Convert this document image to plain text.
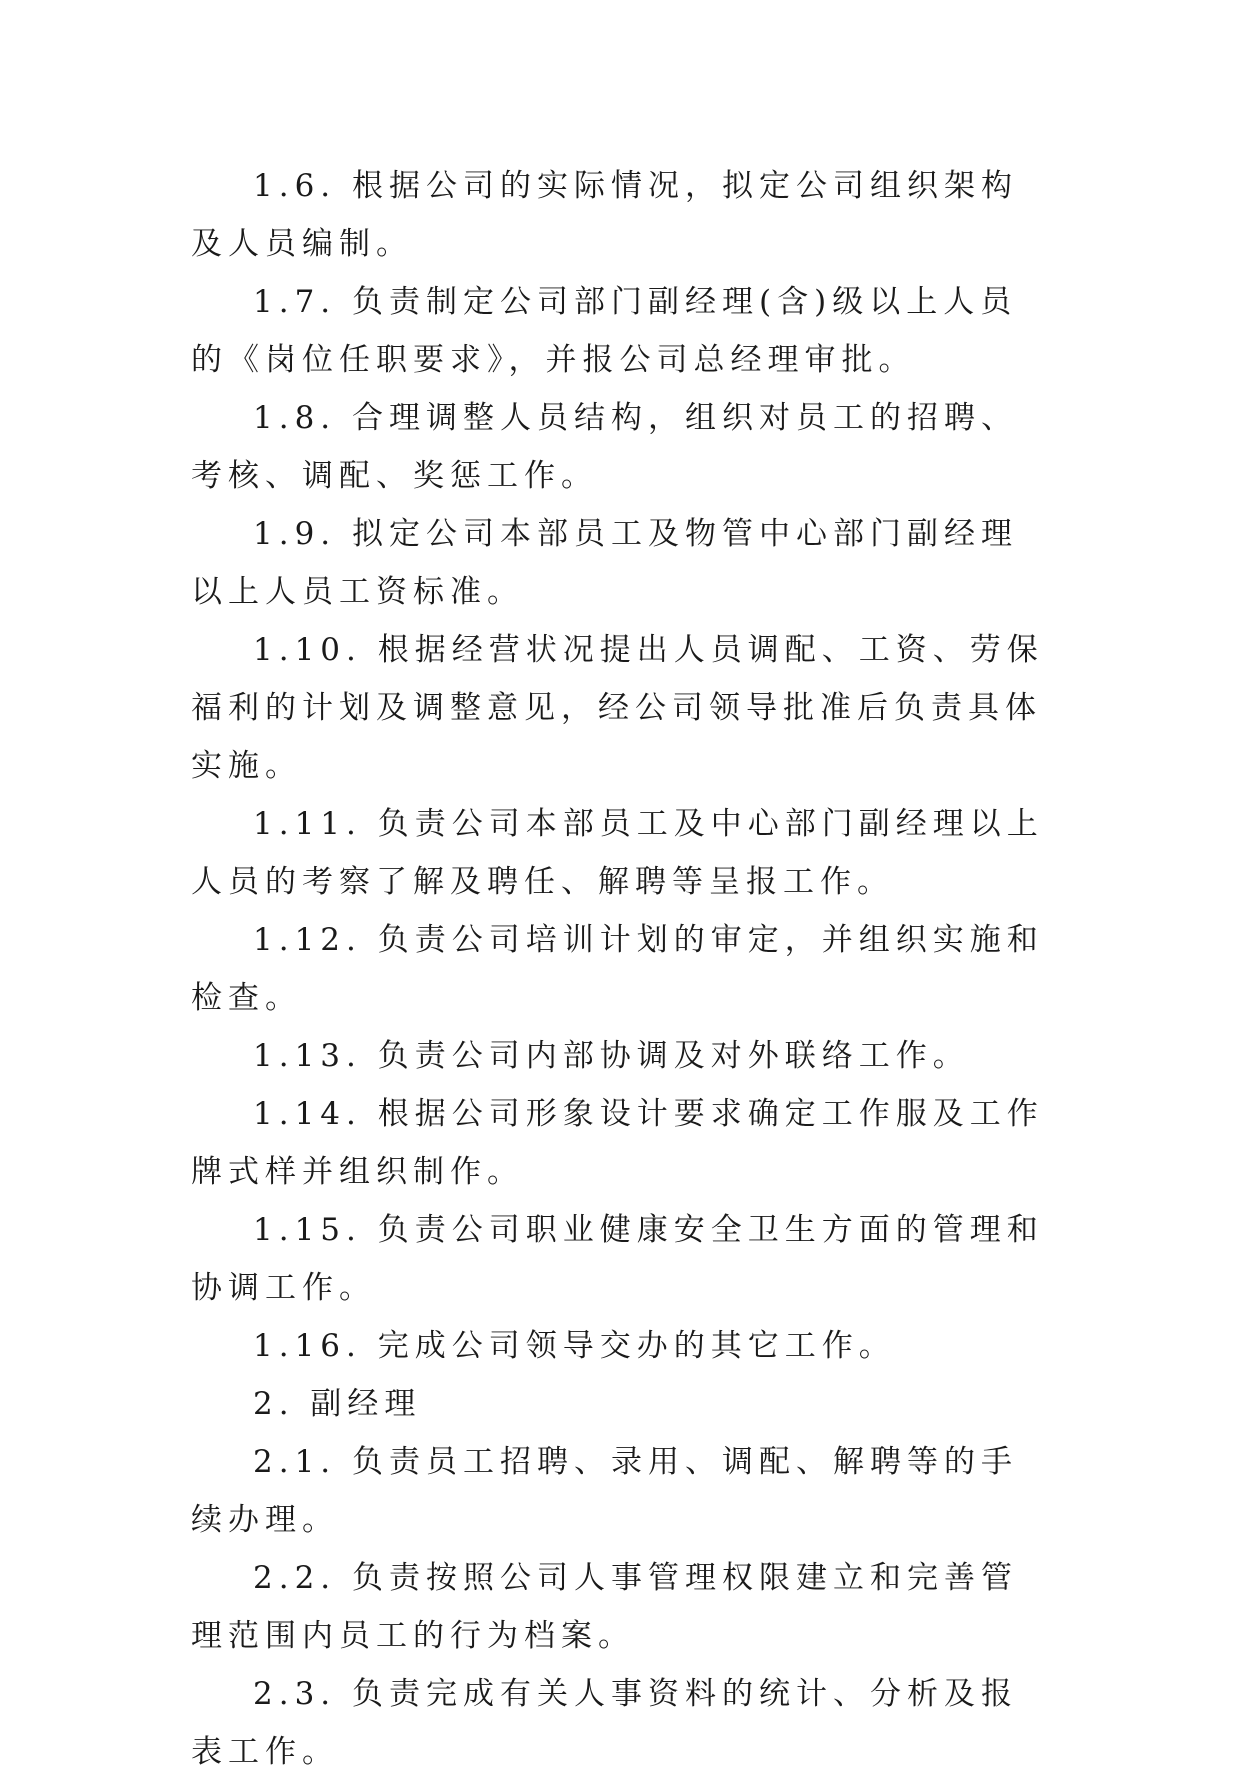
1.6. 根据公司的实际情况，拟定公司组织架构及人员编制。

1.7. 负责制定公司部门副经理(含)级以上人员的《岗位任职要求》，并报公司总经理审批。

1.8. 合理调整人员结构，组织对员工的招聘、考核、调配、奖惩工作。

1.9. 拟定公司本部员工及物管中心部门副经理以上人员工资标准。

1.10. 根据经营状况提出人员调配、工资、劳保福利的计划及调整意见，经公司领导批准后负责具体实施。

1.11. 负责公司本部员工及中心部门副经理以上人员的考察了解及聘任、解聘等呈报工作。

1.12. 负责公司培训计划的审定，并组织实施和检查。

1.13. 负责公司内部协调及对外联络工作。

1.14. 根据公司形象设计要求确定工作服及工作牌式样并组织制作。

1.15. 负责公司职业健康安全卫生方面的管理和协调工作。

1.16. 完成公司领导交办的其它工作。

2. 副经理

2.1. 负责员工招聘、录用、调配、解聘等的手续办理。

2.2. 负责按照公司人事管理权限建立和完善管理范围内员工的行为档案。

2.3. 负责完成有关人事资料的统计、分析及报表工作。
